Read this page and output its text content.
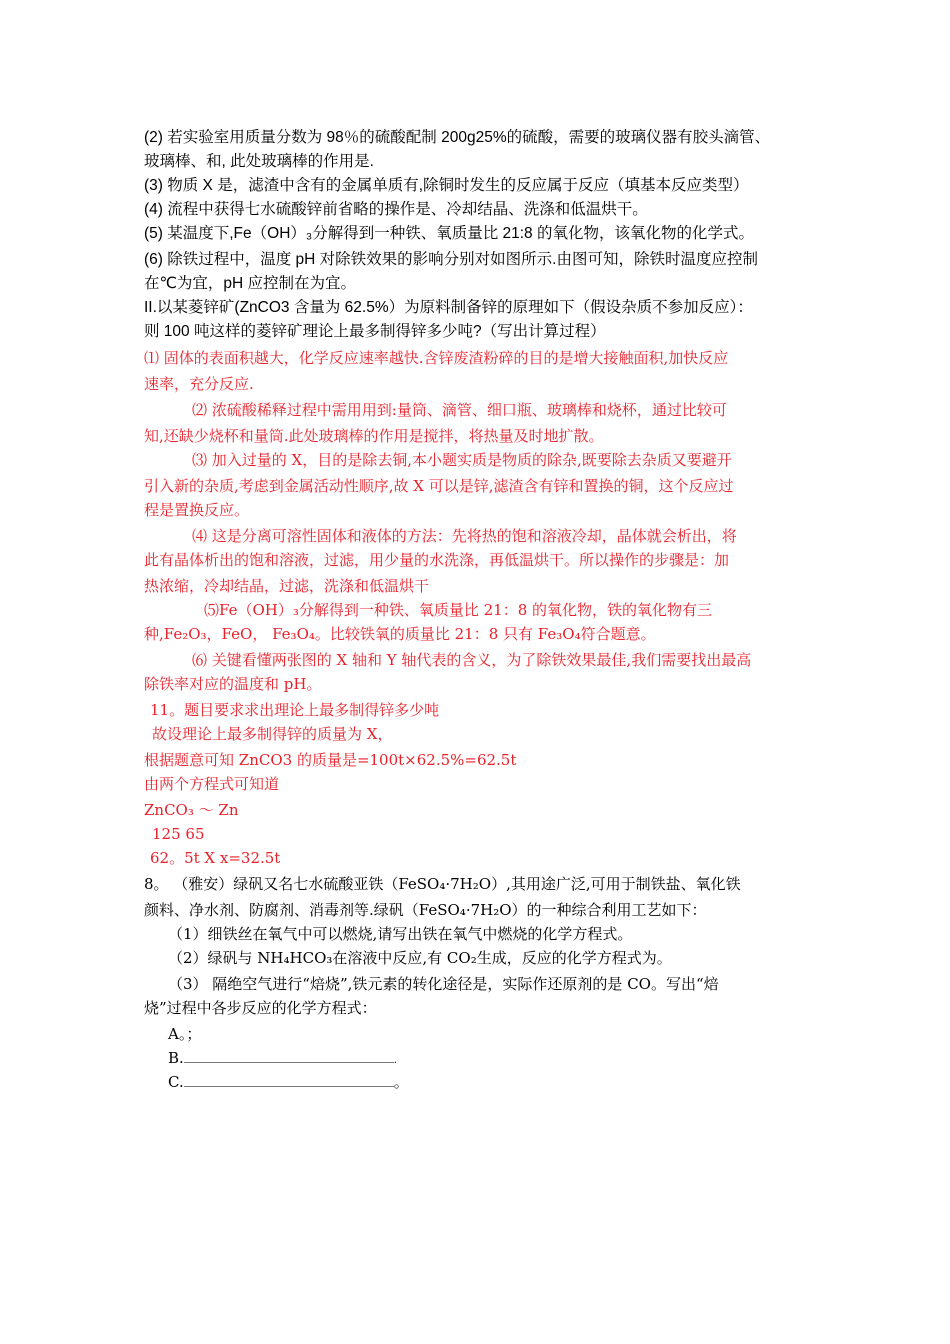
(2) 若实验室用质量分数为 98％的硫酸配制 200g25%的硫酸，需要的玻璃仪器有胶头滴管、
玻璃棒、和, 此处玻璃棒的作用是.
(3) 物质 X 是，滤渣中含有的金属单质有,除铜时发生的反应属于反应（填基本反应类型）
(4) 流程中获得七水硫酸锌前省略的操作是、冷却结晶、洗涤和低温烘干。
(5) 某温度下,Fe（OH）₃分解得到一种铁、氧质量比 21:8 的氧化物，该氧化物的化学式。
(6) 除铁过程中，温度 pH 对除铁效果的影响分别对如图所示.由图可知，除铁时温度应控制
在℃为宜，pH 应控制在为宜。
II.以某菱锌矿(ZnCO3 含量为 62.5%）为原料制备锌的原理如下（假设杂质不参加反应）：
则 100 吨这样的菱锌矿理论上最多制得锌多少吨?（写出计算过程）
⑴ 固体的表面积越大，化学反应速率越快.含锌废渣粉碎的目的是增大接触面积,加快反应
速率，充分反应.
⑵ 浓硫酸稀释过程中需用用到:量筒、滴管、细口瓶、玻璃棒和烧杯，通过比较可
知,还缺少烧杯和量筒.此处玻璃棒的作用是搅拌，将热量及时地扩散。
⑶ 加入过量的 X，目的是除去铜,本小题实质是物质的除杂,既要除去杂质又要避开
引入新的杂质,考虑到金属活动性顺序,故 X 可以是锌,滤渣含有锌和置换的铜，这个反应过
程是置换反应。
⑷ 这是分离可溶性固体和液体的方法：先将热的饱和溶液冷却，晶体就会析出，将
此有晶体析出的饱和溶液，过滤，用少量的水洗涤，再低温烘干。所以操作的步骤是：加
热浓缩，冷却结晶，过滤，洗涤和低温烘干
⑸Fe（OH）₃分解得到一种铁、氧质量比 21：8 的氧化物，铁的氧化物有三
种,Fe₂O₃，FeO， Fe₃O₄。比较铁氧的质量比 21：8 只有 Fe₃O₄符合题意。
⑹ 关键看懂两张图的 X 轴和 Y 轴代表的含义，为了除铁效果最佳,我们需要找出最高
除铁率对应的温度和 pH。
11。题目要求求出理论上最多制得锌多少吨
故设理论上最多制得锌的质量为 X，
根据题意可知 ZnCO3 的质量是=100t×62.5%=62.5t
由两个方程式可知道
ZnCO₃ ～ Zn
125 65
62。5t X x=32.5t
8。 （雅安）绿矾又名七水硫酸亚铁（FeSO₄·7H₂O）,其用途广泛,可用于制铁盐、氧化铁
颜料、净水剂、防腐剂、消毒剂等.绿矾（FeSO₄·7H₂O）的一种综合利用工艺如下：
（1）细铁丝在氧气中可以燃烧,请写出铁在氧气中燃烧的化学方程式。
（2）绿矾与 NH₄HCO₃在溶液中反应,有 CO₂生成，反应的化学方程式为。
（3） 隔绝空气进行“焙烧”,铁元素的转化途径是，实际作还原剂的是 CO。写出“焙
烧”过程中各步反应的化学方程式：
A。；
B.	.
C.	。
